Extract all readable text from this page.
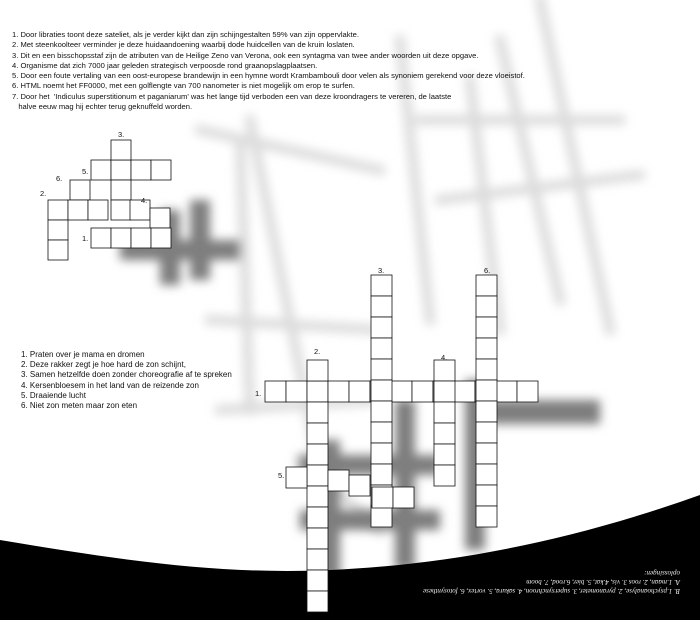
1. Door libraties toont deze sateliet, als je verder kijkt dan zijn schijngestalten 59% van zijn oppervlakte.
2. Met steenkoolteer verminder je deze huidaandoening waarbij dode huidcellen van de kruin loslaten.
3. Dit en een bisschopsstaf zijn de atributen van de Heilige Zeno van Verona, ook een syntagma van twee ander woorden uit deze opgave.
4. Organisme dat zich 7000 jaar geleden strategisch verpoosde rond graanopslagplaatsen.
5. Door een foute vertaling van een oost-europese brandewijn in een hymne wordt Krambambouli door velen als synoniem gerekend voor deze vloeistof.
6. HTML noemt het FF0000, met een golflengte van 700 nanometer is niet mogelijk om erop te surfen.
7. Door het  'Indiculus superstitionum et paganiarum' was het lange tijd verboden een van deze kroondragers te vereren, de laatste
halve eeuw mag hij echter terug geknuffeld worden.
1. Praten over je mama en dromen
2. Deze rakker zegt je hoe hard de zon schijnt,
3. Samen hetzelfde doen zonder choreografie af te spreken
4. Kersenbloesem in het land van de reizende zon
5. Draaiende lucht
6. Niet zon meten maar zon eten
3.
5.
6.
2.
4.
1.
1.
2.
3.
4.
5.
6.
B. 1.psychoanalyse, 2. pyranometer, 3. supersynchroon, 4. sakura, 5. vortex, 6. fotosynthese
A. 1.maan, 2. roos 3. vis, 4.kat, 5. bier, 6.rood, 7. boom
oplossingen:
